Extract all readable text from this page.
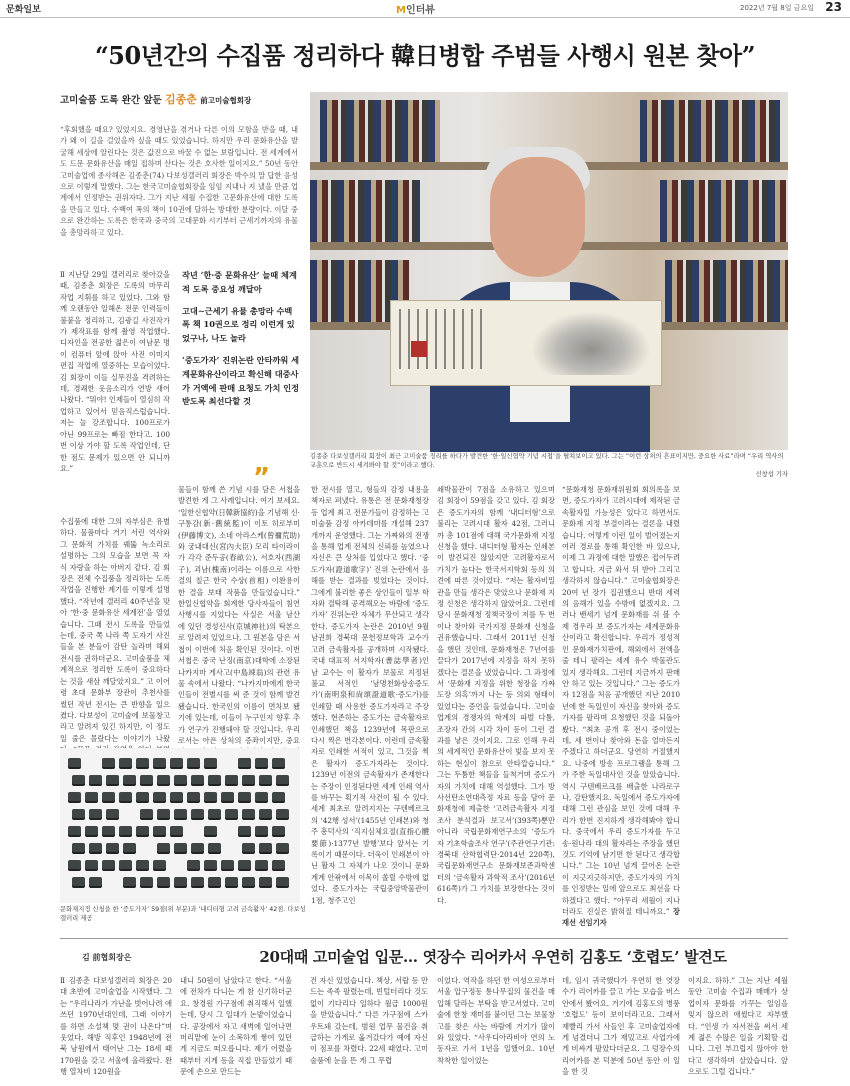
문화일보	M인터뷰	2022년 7월 8일 금요일 23
“50년간의 수집품 정리하다 韓日병합 주범들 사행시 원본 찾아”
고미술품 도록 완간 앞둔 김종춘 前고미술협회장
“후회했을 때요? 있었지요. 경영난을 겪거나 다른 이의 모함을 받을 때, 내가 왜 이 길을 걸었을까 싶을 때도 있었습니다. 하지만 우리 문화유산을 발굴해 세상에 알린다는 것은 값진으로 바꿀 수 없는 보람입니다. 전 세계에서도 드문 문화유산을 매일 접하며 산다는 것은 호사한 일이지요.” 50년 동안 고미술업에 종사해온 김종춘(74) 다보성갤러리 회장은 박수의 말 답한 음성으로 이렇게 말했다. 그는 한국고미술협회장을 임임 지내나 지 냈을 만큼 업계에서 인정받는 권위자다. 그가 지난 세월 수집한 고문화유산에 대한 도록을 만들고 있다. 수백여 폭의 책이 10권에 달하는 방대한 분량이다. 이달 중으로 완간하는 도록은 한국과 중국의 고대문화 시기부터 근세기까지의 유물을 총망라하고 있다.
김종춘 다보성갤러리 회장이 최근 고미술품 정리를 하다가 발견한 ‘한·일신협약 기념 시첩’을 펼쳐보이고 있다. 그는 “이런 상처의 흔표이지만, 중요한 사료”라며 “우리 역사의 교훈으로 반드시 세겨봐야 할 것”이라고 했다.
신창섭 기자
Ⅱ 지난달 29일 갤러리로 찾아갔을 때, 김종춘 회장은 도록의 마무리 작업 지휘를 하고 있었다. 그와 함께 오랜동안 일해온 전문 인력들이 불붙을 정리하고, 김광길 사진작가가 제작표를 함께 촬영 작업했다. 디자인을 전공한 젊은이 여남문 명이 컴퓨터 앞에 앉아 사진 이미지 편집 작업에 열중하는 모습이었다. 김 회장이 이들 실무진을 격려하는데, 경쾌한 웃음소리가 연방 새어 나왔다. “뭐야! 인제들이 열심히 작업하고 있어서 믿음직스럽습니다. 저는 늘 강조합니다. 100프로가 아닌 99프로는 빠짐 한다고. 100번 이상 가야 할 도록 작업인데, 단 한 점도 문제가 있으면 안 되니까요.”

작년 ‘한·중 문화유산’ 늘때 체계적 도록 중요성 깨달아

고대∼근세기 유물 총망라 수백폭 책 10권으로 정리 이런게 있었구나, 나도 놀라

‘중도가자’ 진위논란 안타까워 세계문화유산이라고 확신해 대중사가 거액에 판매 요청도 가치 인정받도록 최선다할 것

”
수집품에 대한 그의 자부심은 유별하다. 물품마다 거기 서린 역사와 그 문화적 가치를 꿰뚫 녹소리로 설명하는 그의 모습을 보면 꼭 자식 자랑을 하는 아버지 같다. 김 회장은 전체 수집품을 정리하는 도록 작업을 진행한 계기를 이렇게 설명했다. “작년에 갤러리 40주년을 맞아 ‘한·중 문화유산 세계전’을 열었습니다. 그때 전시 도록을 만들었는데, 중국 쪽 나라 쪽 도자기 사진들을 본 분들이 감탄 놀라며 해외 전시를 권하더군요. 고미술품을 체계적으로 정리한 도록이 중요하다는 것을 새삼 깨달았지요.” 고 이어령 초대 문화부 장관이 추천사를 썼던 작년 전시는 큰 반향을 일으켰다. 다보성이 고미술에 보물창고라고 알려져 있긴 하지만, 이 정도일 줄은 몰랐다는 이야기가 나왔
물들이 함께 쓴 기념 시를 담은 서첩을 발견한 게 그 사례입니다. 여기 보세요. ‘일한신협약(日韓新協約)을 기념해 신·구통감(新·舊統監)이 이토 히로부미(伊藤博文), 소네 아라스케(曾禰荒助)와 궁내대신(宮內大臣) 모리 타이라이가 각각 준두공(春畝公), 서호자(西湖子), 괴남(槐南)이라는 이름으로 사한 결의 칠근 한국 수상(首相) 이완용이 한 결을 보태 작품을 만들었습니다.” 한일신협약을 회계한 당사자들이 침연 사행시를 지었다는 사실은 서울 남산에 있던 경성신사(京城神社)의 탁본으로 알려져 있었으나, 그 원본을 담은 서첩이 이번에 처음 확인된 것이다. 이번 서첩은 중국 난징(南京)대학에 소장된 나카지마 게사고(中島竦翁)의 관련 유물 속에서 나왔다. “나카지마에게 한국인들이 전별시를 써 준 것이 함께 발견됐습니다. 한국인의 이름이 면차보 됐기에 있는데, 이들이 누구인지 향후 추가 연구가 진행돼야 할 것입니다. 우리로서는 아픈 상처의 증좌이지만, 중요
한 전시를 열고, 형들의 감정 내용을 책자로 펴냈다. 유통은 전 문화재청장 등 업계 최고 전문가들이 감정하는 고미술품 감정 아카데미를 개설해 237개까지 운영했다. 그는 가짜와의 전쟁을 통해 업계 전체의 신뢰를 높였으나 자신은 큰 상처를 입었다고 했다. ‘중도가자(證道歌字)’ 진위 논란에서 음해를 받는 결과를 빚었다는 것이다. 그에게 불리한 좋은 상인들이 일부 학자와 결탁해 공격해오는 바람에 ‘증도가자’ 진위논란 자체가 무산되고 생각한다. 증도가자 논란은 2010년 9월 남권희 경북대 문헌정보학과 교수가 고려 금속활자를 공개하며 시작됐다. 국내 대표적 서지학자(書誌學者)인 남 교수는 이 활자가 보물로 지정된 불교 서적인 ‘남명천화상송증도가’(南明泉和尙頌證道歌·증도가)를 인쇄할 때 사용한 증도가자라고 주장했다. 현존하는 증도가는 금속활자로 인쇄했던 책을 1239년에 목판으로 다시 찍은 번각본이다. 이런데 금속활자로 인쇄한 서적이 있고, 그것을 찍은 활자가 증도가자라는 것이다. 1239년 이전의 금속활자가 존재한다는 주장이 인정된다면 세계 인쇄 역사를 바꾸는 획기적 사건이 될 수 있다. 세계 최초로 알려지지는 구텐베르크의 ‘42행 성서’(1455년 인쇄본)와 청주 흥덕사의 ‘직지심체요절(直指心體要節)·1377년 발행’보다 앞서는 기록이기 때문이다. 더욱이 인쇄본이 아닌 활자 그 자체가 나오 것이니 문화계계 안팎에서 이목이 쏠릴 수밖에 없었다. 증도가자는 국립중앙박물관이 1점, 청주고인
쇄박물관이 7점을 소유하고 있으며 김 회장이 59점을 갖고 있다. 김 회장은 증도가자의 함께 ‘내디터형’으로 불리는 고려시대 활자 42점, 그러니까 총 101점에 대해 국가문화재 지정 신청을 했다. 내디터형 활자는 인쇄본이 발견되진 않았지만 고려활자로서 가치가 높다는 한국서지학회 등의 의견에 따른 것이었다. “저는 활자비밀관을 만들 생각은 맞았으나 문화재 지정 신청은 생각하지 않았어요. 그런데 당시 문화재청 정책국장이 저를 두 번이나 찾아와 국가지정 문화재 신청을 권유했습니다. 그래서 2011년 신청을 했던 것인데, 문화재청은 7년여를 끌다가 2017년에 지정을 하지 못하겠다는 결론을 냈었습니다. 그 과정에서 ‘문화재 지정을 위한 청장을 가짜도장 의혹’까지 나는 등 의외 형태이 있었다는 증언을 들었습니다. 고미술업계의 경쟁자의 학계의 파벌 다툼, 조장자 간의 시각 차이 등이 그런 결과를 낳은 것이지요. 그로 인해 우리의 세계적인 문화유산이 빛을 보지 못하는 현실이 참으로 안타깝습니다.” 그는 두툼한 책들을 들척거며 증도가자의 가치에 대해 역설했다. 그가 방사선탄소연대측정 자료 등을 담아 문화재청에 제출한 ‘고려금속활자 지정조사 분석결과 보고서’(393쪽)뿐만 아니라 국립문화재연구소의 ‘증도가자 기초학술조사 연구’(주관연구기관:경북대 산학협력단·2014년 220쪽), 국립문화재연구소 문화재보존과학센터의 ‘금속활자 과학적 조사’(2016년 616쪽)가 그 가치를 보장한다는 것이다.
“문화재청 문화재위원회 회의록을 보면, 증도가자가 고려시대에 제작된 금속활자일 가능성은 있다고 하면서도 문화재 지정 부결이라는 결론을 내렸습니다. 어떻게 이런 일이 벌어졌는지 여러 경로를 통해 확인한 바 있으나, 이제 그 과정에 대한 말했은 접어두려고 합니다. 지금 와서 뒤 받아 그리고 생각하지 않습니다.” 고미술협회장은 20여 년 장가 집권했으니 반대 세력의 음해가 있을 수밖에 없겠지요. 그러나 밴세기 넘게 문화재를 쉬 볼 수 제 경우라 보 증도가자는 세계문화유산이라고 확신합니다. 우리가 정성적인 문화재가치판에, 해외에서 전액을 줄 테니 팔라는 세계 유수 박물관도 있지 생각해요. 그런데 지금까지 판매 안 하고 있는 것입니다.” 그는 증도가자 12점을 처음 공개했던 지난 2010년에 한 독일인이 자신을 찾아와 증도가자를 팔라며 요청했던 것을 되돌아봤다. “최초 공개 후 전시 중이었는데, 세 번이나 찾아와 돈을 얼마든지 주겠다고 하더군요. 당연히 거절했지요. 나중에 방송 프로그램을 통해 그가 주한 독일대사인 것을 알았습니다. 역시 구텐베르크를 배출한 나라로구나, 감탄했지요. 독일에서 증도가자에 대해 그런 관심을 보인 것에 대해 우리가 한번 진지하게 생각해봐야 합니다. 중국에서 우리 증도가자를 두고 송·원나라 대의 활자라는 주장을 했던 것도 기억에 남기면 한 된다고 생각합니다.” 그는 10년 넘게 끌어온 논란이 지긋지긋하지만, 증도가자의 가치를 인정받는 일에 앞으로도 최선을 다하겠다고 했다. “아무리 세월이 지나더라도 진실은 밝혀질 테니까요.” 장재선 선임기자
문화재지정 신청을 한 ‘증도가자’ 59점(위 부분)과 ‘내디터형 고려 금속활자’ 42점. 다보성갤러리 제공
김 前협회장은	20대때 고미술업 입문… 엿장수 리어카서 우연히 김홍도 ‘호렵도’ 발견도
Ⅱ 김종춘 다보성갤러리 회장은 20대 초반에 고미술업을 시작했다. 그는 “우리나라가 가난을 벗어나려 애쓰던 1970년대인데, 그래 이야기를 하면 소설책 몇 권이 나온다”며 웃었다. 해방 직후인 1948년에 전북 남원에서 태어난 그는 18세 때 170원을 갖고 서울에 올라왔다. 완행 열차비 120원을
내니 50원이 남았다고 한다. “서울에 전차가 다니는 게 참 신기하더군요. 창경원 가구점에 취직해서 일했는데, 당시 그 일대가 논밭이었습니다. 공장에서 자고 새벽에 일어나면 머리맡에 눈이 소복하게 쌓여 있던 게 지금도 떠오릅니다. 제가 어렸을 때부터 지게 등을 직접 만들었기 때문에 손으로 만드는
건 자신 있었습니다. 책상, 서랍 등 만드는 족족 팔렸는데, 빈털터리다 것도 없이 기다리다 일하다 월급 1000원을 받았습니다.” 다른 가구점에 스카우트돼 갔는데, 범원 업무 물건을 취급하는 가게로 옮겨갔다가 예에 자신이 점포를 차렸다. 22세 때였다. 고미술품에 눈을 뜬 게 그 무렵
이었다. 역작을 하던 한 여성으로부터 서울 압구정동 통나무집의 물건을 매입해 달라는 부탁을 받고서였다. 고미술에 한창 재미를 붙이던 그는 보물창고를 찾은 사는 바람에 거기가 많이 와 있었다. “사우디아라비아 연의 노동자로 가서 1년을 일했어요. 10년 착착한 일이었는
데, 임시 귀국했다가 우연히 한 엿장수가 리어카를 끌고 가는 모습을 버스 안에서 봤어요. 거기에 김홍도의 병풍 ‘호렵도’ 등이 보이더라고요. 그래서 재빨리 가서 사들인 후 고미술업자에게 넘겼더니 그가 재밌고로 사업가에게 비싸게 팔았다더군요. 그 덩장수의 리어카를 본 덕분에 50년 동안 이 일을 한 것
이지요. 하하.” 그는 지난 세월 동안 고미술 수집과 매매가 상업이자 문화를 가꾸는 일임을 잊지 않으려 애썼다고 자부했다. “인생 가 자서전을 써서 세계 젊은 수많은 일을 기획할 겁니다. 그런 부끄럽지 않아야 한다고 생각하며 살았습니다. 앞으로도 그럴 겁니다.”
